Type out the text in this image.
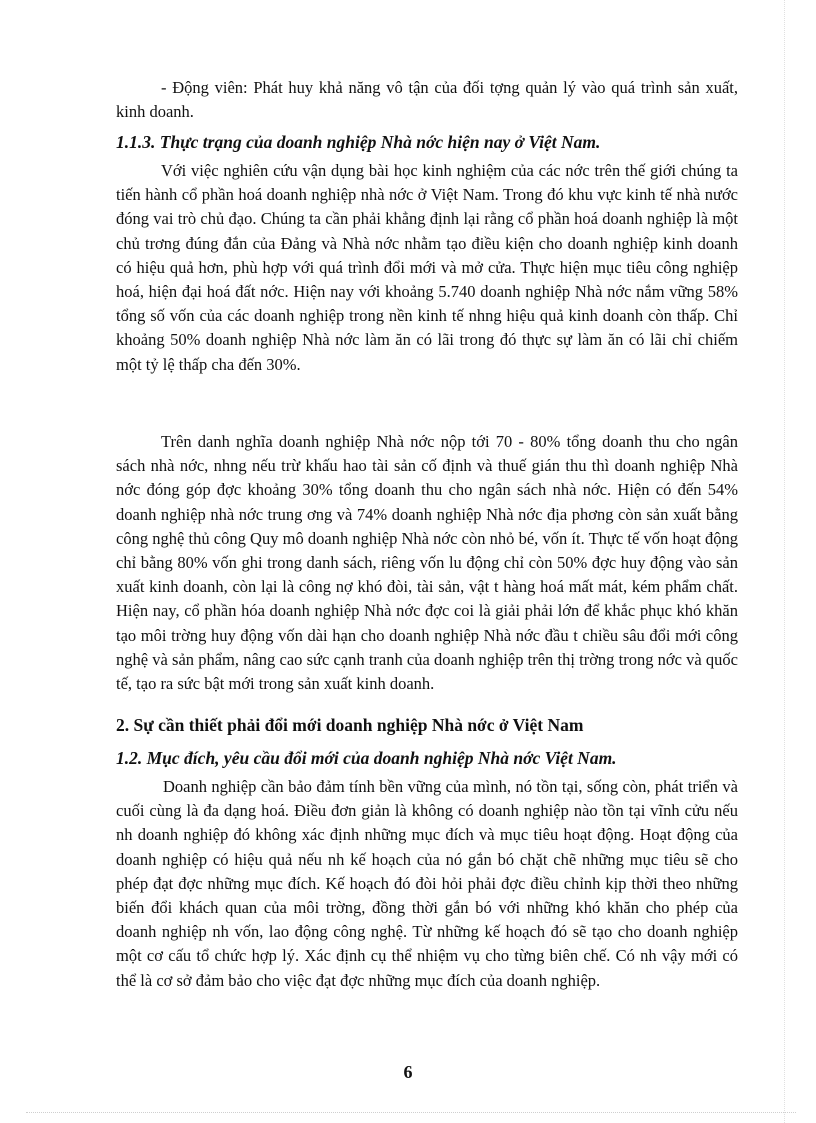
- Động viên: Phát huy khả năng vô tận của đối tợng quản lý vào quá trình sản xuất, kinh doanh.

1.1.3. Thực trạng của doanh nghiệp Nhà nớc hiện nay ở Việt Nam.

Với việc nghiên cứu vận dụng bài học kinh nghiệm của các nớc trên thế giới chúng ta tiến hành cổ phần hoá doanh nghiệp nhà nớc ở Việt Nam. Trong đó khu vực kinh tế nhà nước đóng vai trò chủ đạo. Chúng ta cần phải khẳng định lại rằng cổ phần hoá doanh nghiệp là một chủ trơng đúng đắn của Đảng và Nhà nớc nhằm tạo điều kiện cho doanh nghiệp kinh doanh có hiệu quả hơn, phù hợp với quá trình đổi mới và mở cửa. Thực hiện mục tiêu công nghiệp hoá, hiện đại hoá đất nớc. Hiện nay với khoảng 5.740 doanh nghiệp Nhà nớc nắm vững 58% tổng số vốn của các doanh nghiệp trong nền kinh tế nhng hiệu quả kinh doanh còn thấp. Chỉ khoảng 50% doanh nghiệp Nhà nớc làm ăn có lãi trong đó thực sự làm ăn có lãi chỉ chiếm một tỷ lệ thấp cha đến 30%.

Trên danh nghĩa doanh nghiệp Nhà nớc nộp tới 70 - 80% tổng doanh thu cho ngân sách nhà nớc, nhng nếu trừ khấu hao tài sản cố định và thuế gián thu thì doanh nghiệp Nhà nớc đóng góp đợc khoảng 30% tổng doanh thu cho ngân sách nhà nớc. Hiện có đến 54% doanh nghiệp nhà nớc trung ơng và 74% doanh nghiệp Nhà nớc địa phơng còn sản xuất bằng công nghệ thủ công Quy mô doanh nghiệp Nhà nớc còn nhỏ bé, vốn ít. Thực tế vốn hoạt động chỉ bằng 80% vốn ghi trong danh sách, riêng vốn lu động chỉ còn 50% đợc huy động vào sản xuất kinh doanh, còn lại là công nợ khó đòi, tài sản, vật t hàng hoá mất mát, kém phẩm chất. Hiện nay, cổ phần hóa doanh nghiệp Nhà nớc đợc coi là giải phải lớn để khắc phục khó khăn tạo môi trờng huy động vốn dài hạn cho doanh nghiệp Nhà nớc đầu t chiều sâu đổi mới công nghệ và sản phẩm, nâng cao sức cạnh tranh của doanh nghiệp trên thị trờng trong nớc và quốc tế, tạo ra sức bật mới trong sản xuất kinh doanh.

2. Sự cần thiết phải đổi mới doanh nghiệp Nhà nớc ở Việt Nam

1.2. Mục đích, yêu cầu đổi mới của doanh nghiệp Nhà nớc Việt Nam.

Doanh nghiệp cần bảo đảm tính bền vững của mình, nó tồn tại, sống còn, phát triển và cuối cùng là đa dạng hoá. Điều đơn giản là không có doanh nghiệp nào tồn tại vĩnh cửu nếu nh doanh nghiệp đó không xác định những mục đích và mục tiêu hoạt động. Hoạt động của doanh nghiệp có hiệu quả nếu nh kế hoạch của nó gắn bó chặt chẽ những mục tiêu sẽ cho phép đạt đợc những mục đích. Kế hoạch đó đòi hỏi phải đợc điều chỉnh kịp thời theo những biến đổi khách quan của môi trờng, đồng thời gắn bó với những khó khăn cho phép của doanh nghiệp nh vốn, lao động công nghệ. Từ những kế hoạch đó sẽ tạo cho doanh nghiệp một cơ cấu tổ chức hợp lý. Xác định cụ thể nhiệm vụ cho từng biên chế. Có nh vậy mới có thể là cơ sở đảm bảo cho việc đạt đợc những mục đích của doanh nghiệp.

6
